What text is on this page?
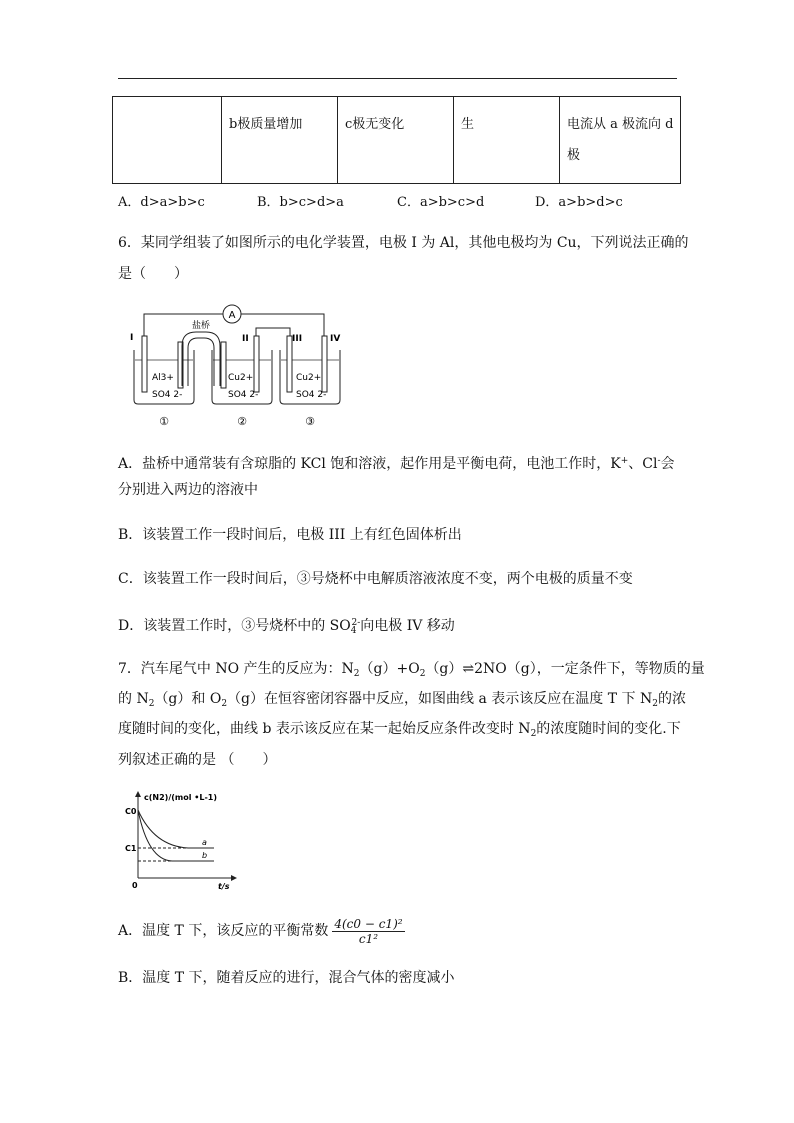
	b极质量增加	c极无变化	生	电流从 a 极流向 d 极
A．d>a>b>c	B．b>c>d>a	C．a>b>c>d	D．a>b>d>c
6．某同学组装了如图所示的电化学装置，电极 I 为 Al，其他电极均为 Cu，下列说法正确的
是（　　）
A
盐桥
I	II	III	IV
Al3+
SO4 2-
Cu2+
SO4 2-
Cu2+
SO4 2-
①	②	③
A．盐桥中通常装有含琼脂的 KCl 饱和溶液，起作用是平衡电荷，电池工作时，K+、Cl-会
分别进入两边的溶液中
B．该装置工作一段时间后，电极 III 上有红色固体析出
C．该装置工作一段时间后，③号烧杯中电解质溶液浓度不变，两个电极的质量不变
D．该装置工作时，③号烧杯中的 $SO_4^{2-}$向电极 IV 移动
7．汽车尾气中 NO 产生的反应为：$N_2(g)+O_2(g)\rightleftharpoons 2NO(g)$，一定条件下，等物质的量
的 $N_2(g)$和 $O_2(g)$在恒容密闭容器中反应，如图曲线 a 表示该反应在温度 T 下 $N_2$的浓
度随时间的变化，曲线 b 表示该反应在某一起始反应条件改变时 $N_2$的浓度随时间的变化.下
列叙述正确的是 （　　）
c(N2)/(mol •L-1)
C0
C1
0	t/s
a
b
A．温度 T 下，该反应的平衡常数 $\frac{\text{4(c0 − c1)²}}{\text{c1²}}$
B．温度 T 下，随着反应的进行，混合气体的密度减小
